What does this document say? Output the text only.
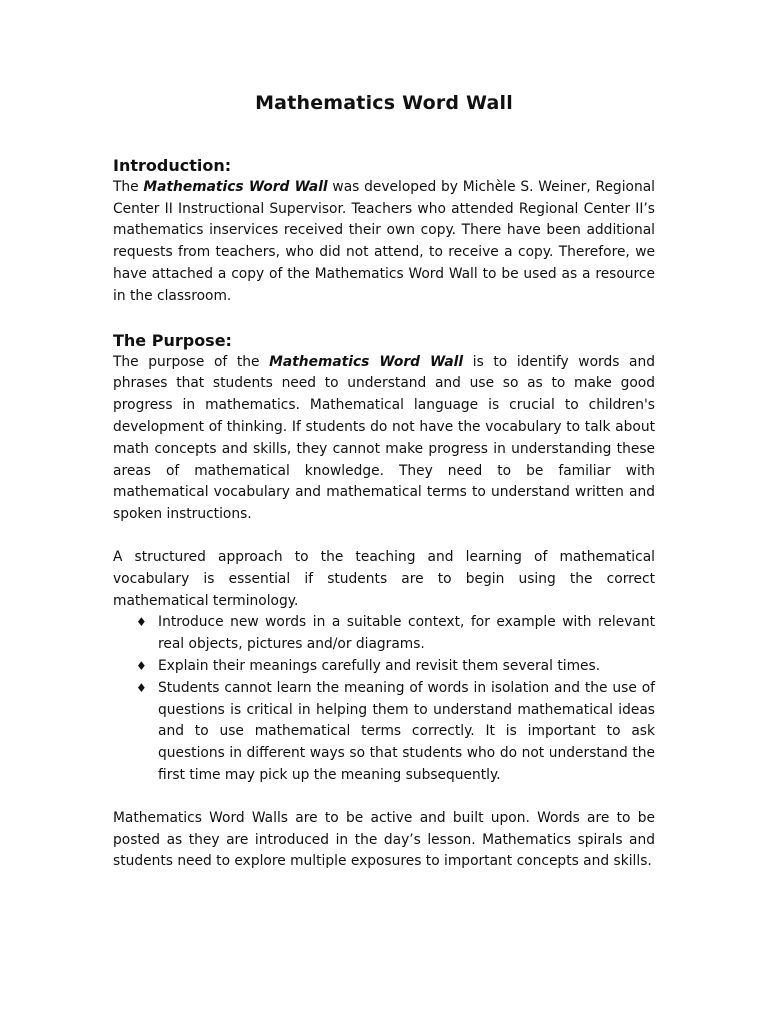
Mathematics Word Wall
Introduction:

The Mathematics Word Wall was developed by Michèle S. Weiner, Regional Center II Instructional Supervisor. Teachers who attended Regional Center II’s mathematics inservices received their own copy. There have been additional requests from teachers, who did not attend, to receive a copy. Therefore, we have attached a copy of the Mathematics Word Wall to be used as a resource in the classroom.

The Purpose:

The purpose of the Mathematics Word Wall is to identify words and phrases that students need to understand and use so as to make good progress in mathematics. Mathematical language is crucial to children's development of thinking. If students do not have the vocabulary to talk about math concepts and skills, they cannot make progress in understanding these areas of mathematical knowledge. They need to be familiar with mathematical vocabulary and mathematical terms to understand written and spoken instructions.

A structured approach to the teaching and learning of mathematical vocabulary is essential if students are to begin using the correct mathematical terminology.

♦ Introduce new words in a suitable context, for example with relevant real objects, pictures and/or diagrams.
♦ Explain their meanings carefully and revisit them several times.
♦ Students cannot learn the meaning of words in isolation and the use of questions is critical in helping them to understand mathematical ideas and to use mathematical terms correctly. It is important to ask questions in different ways so that students who do not understand the first time may pick up the meaning subsequently.

Mathematics Word Walls are to be active and built upon. Words are to be posted as they are introduced in the day’s lesson. Mathematics spirals and students need to explore multiple exposures to important concepts and skills.
